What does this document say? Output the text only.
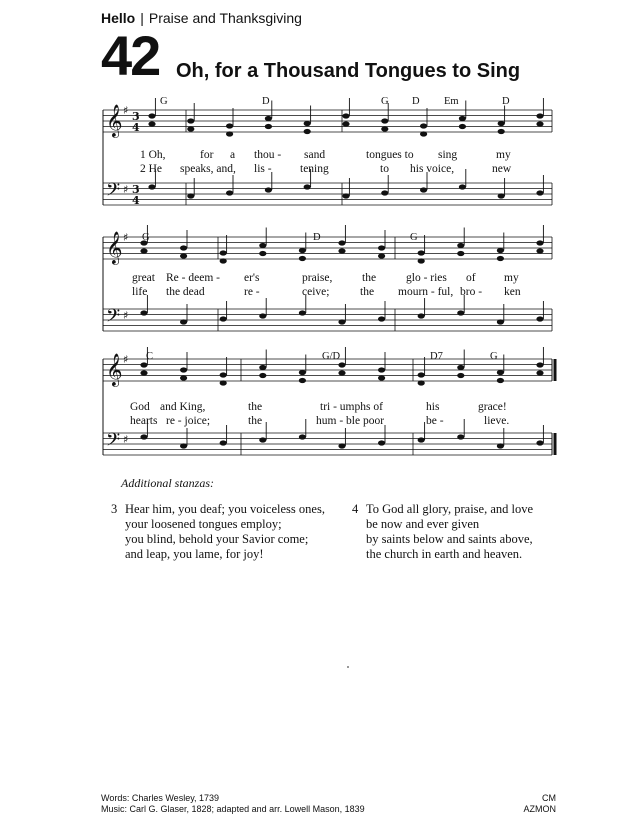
Hello | Praise and Thanksgiving
42 Oh, for a Thousand Tongues to Sing
𝄞
𝄢
♯
♯
3
4
3
4
G	D	G D Em	D
1 Oh,	for a thou - sand	tongues to sing	my
2 He speaks, and, lis - tening	to his voice,	new
𝄞
𝄢
♯
♯
G	D	G
great Re - deem - er's	praise,	the	glo - ries of my
life the dead	re -	ceive;	the mourn - ful, bro - ken
𝄞
𝄢
♯
♯
C	G/D	D7	G
God and King,	the	tri - umphs of	his	grace!
hearts re - joice;	the	hum - ble poor	be -	lieve.
Additional stanzas:
3 Hear him, you deaf; you voiceless ones,
your loosened tongues employ;
you blind, behold your Savior come;
and leap, you lame, for joy!
4 To God all glory, praise, and love
be now and ever given
by saints below and saints above,
the church in earth and heaven.
Words: Charles Wesley, 1739
Music: Carl G. Glaser, 1828; adapted and arr. Lowell Mason, 1839
CM
AZMON
